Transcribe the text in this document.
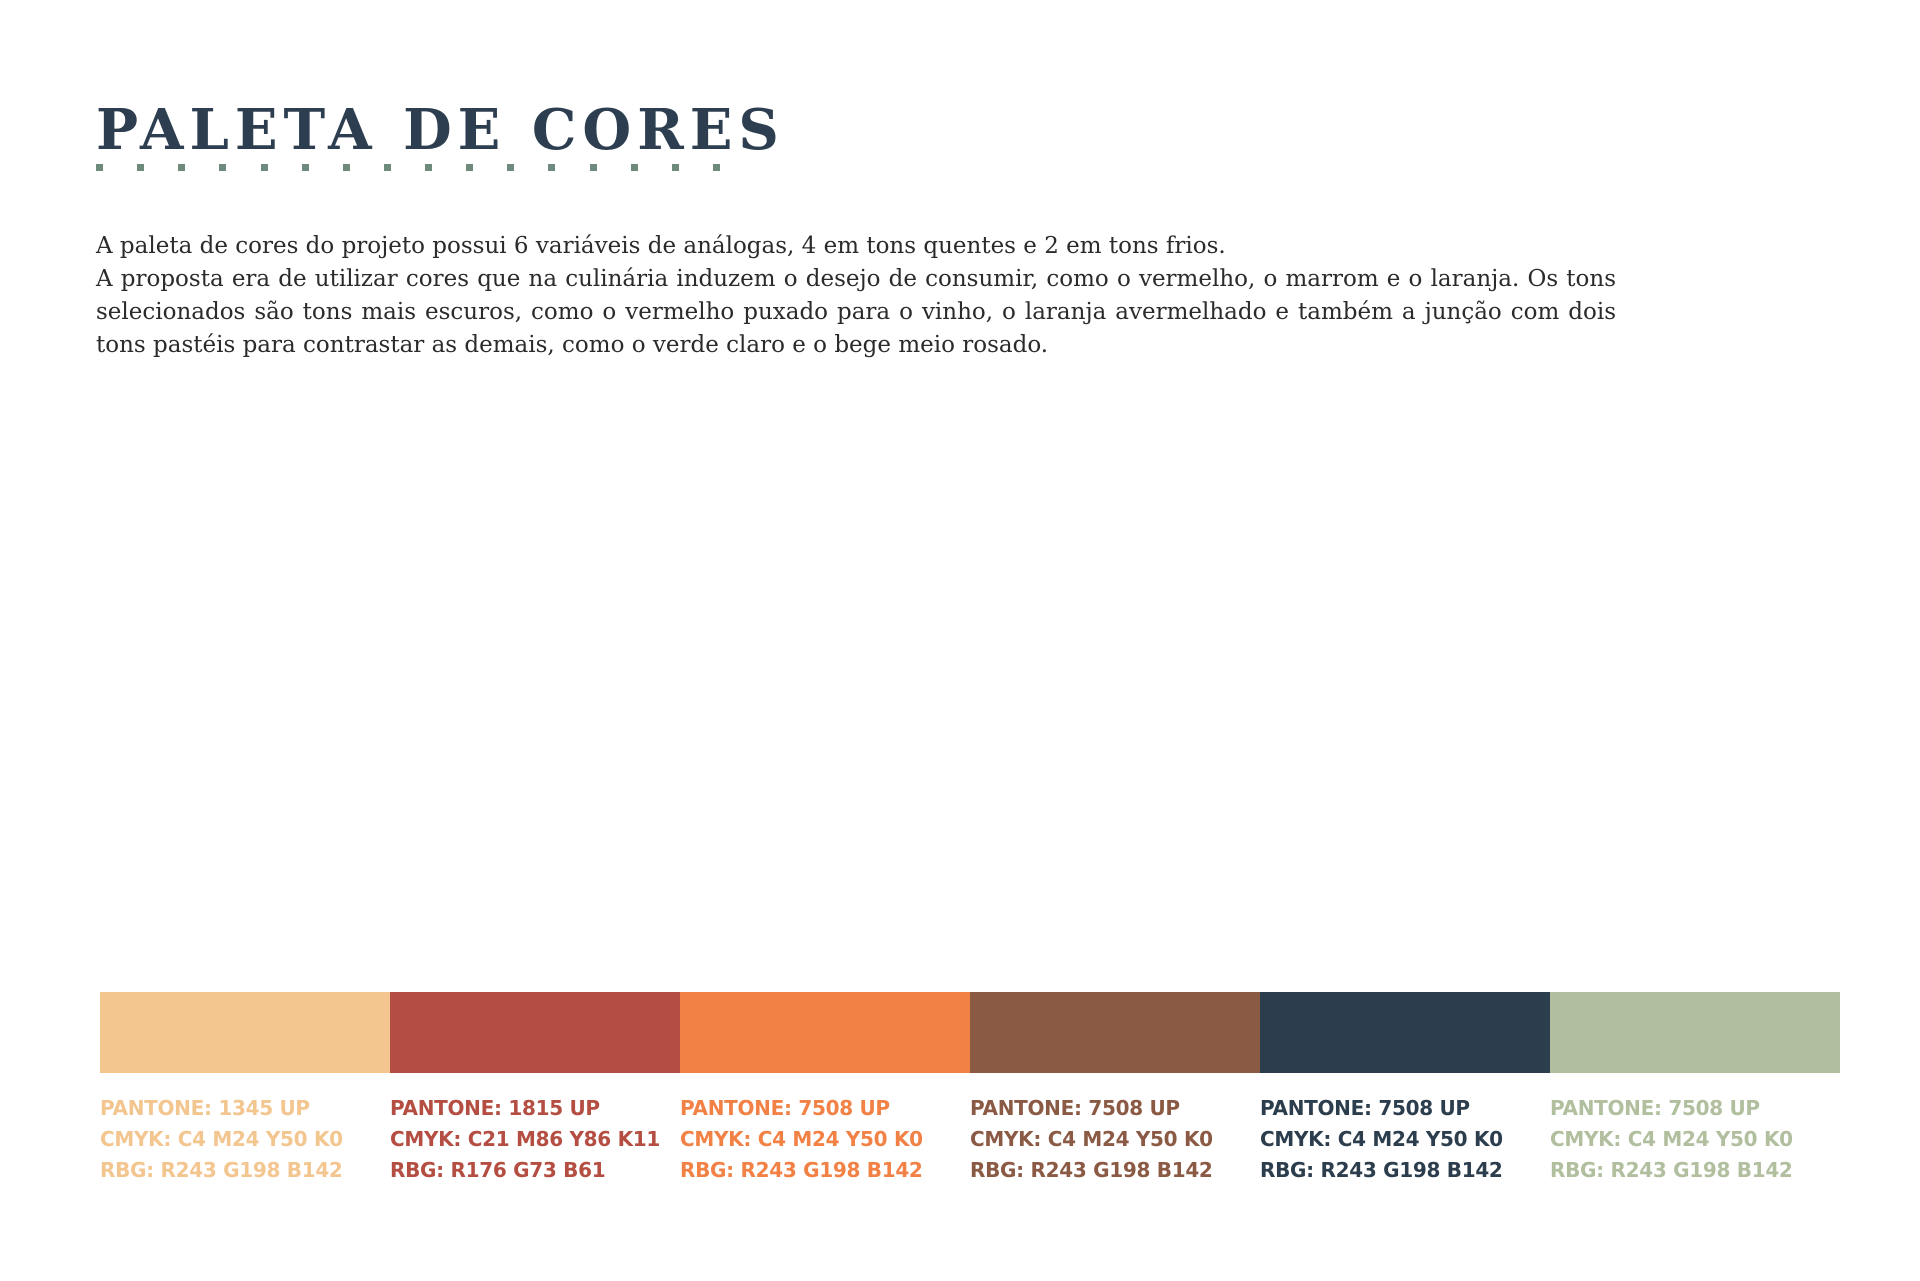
PALETA DE CORES

A paleta de cores do projeto possui 6 variáveis de análogas, 4 em tons quentes e 2 em tons frios.

A proposta era de utilizar cores que na culinária induzem o desejo de consumir, como o vermelho, o marrom e o laranja. Os tons selecionados são tons mais escuros, como o vermelho puxado para o vinho, o laranja avermelhado e também a junção com dois tons pastéis para contrastar as demais, como o verde claro e o bege meio rosado.

PANTONE: 1345 UP
CMYK: C4 M24 Y50 K0
RBG: R243 G198 B142
PANTONE: 1815 UP
CMYK: C21 M86 Y86 K11
RBG: R176 G73 B61
PANTONE: 7508 UP
CMYK: C4 M24 Y50 K0
RBG: R243 G198 B142
PANTONE: 7508 UP
CMYK: C4 M24 Y50 K0
RBG: R243 G198 B142
PANTONE: 7508 UP
CMYK: C4 M24 Y50 K0
RBG: R243 G198 B142
PANTONE: 7508 UP
CMYK: C4 M24 Y50 K0
RBG: R243 G198 B142
